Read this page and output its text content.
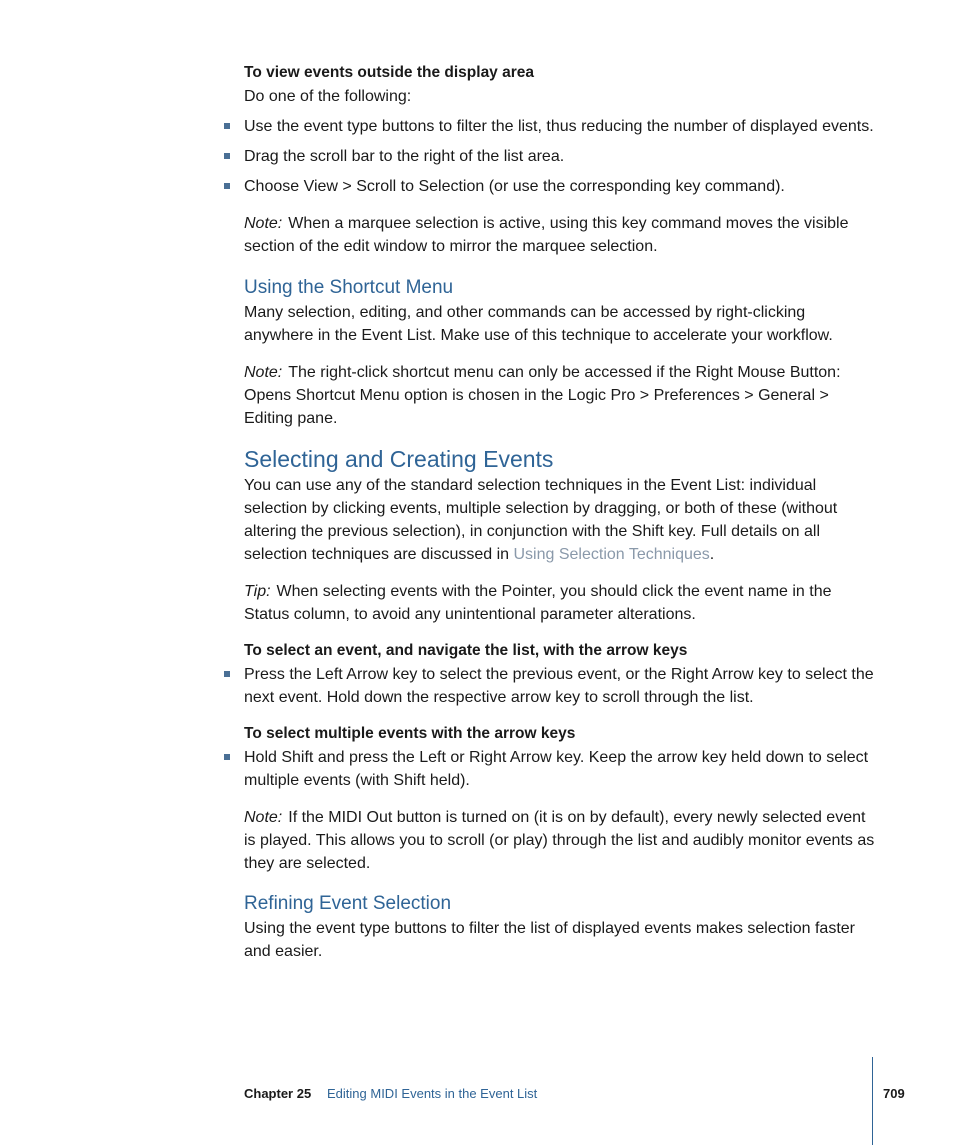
To view events outside the display area
Do one of the following:
Use the event type buttons to filter the list, thus reducing the number of displayed events.
Drag the scroll bar to the right of the list area.
Choose View > Scroll to Selection (or use the corresponding key command).
Note: When a marquee selection is active, using this key command moves the visible section of the edit window to mirror the marquee selection.
Using the Shortcut Menu
Many selection, editing, and other commands can be accessed by right-clicking anywhere in the Event List. Make use of this technique to accelerate your workflow.
Note: The right-click shortcut menu can only be accessed if the Right Mouse Button: Opens Shortcut Menu option is chosen in the Logic Pro > Preferences > General > Editing pane.
Selecting and Creating Events
You can use any of the standard selection techniques in the Event List: individual selection by clicking events, multiple selection by dragging, or both of these (without altering the previous selection), in conjunction with the Shift key. Full details on all selection techniques are discussed in Using Selection Techniques.
Tip: When selecting events with the Pointer, you should click the event name in the Status column, to avoid any unintentional parameter alterations.
To select an event, and navigate the list, with the arrow keys
Press the Left Arrow key to select the previous event, or the Right Arrow key to select the next event. Hold down the respective arrow key to scroll through the list.
To select multiple events with the arrow keys
Hold Shift and press the Left or Right Arrow key. Keep the arrow key held down to select multiple events (with Shift held).
Note: If the MIDI Out button is turned on (it is on by default), every newly selected event is played. This allows you to scroll (or play) through the list and audibly monitor events as they are selected.
Refining Event Selection
Using the event type buttons to filter the list of displayed events makes selection faster and easier.
Chapter 25 Editing MIDI Events in the Event List	709
